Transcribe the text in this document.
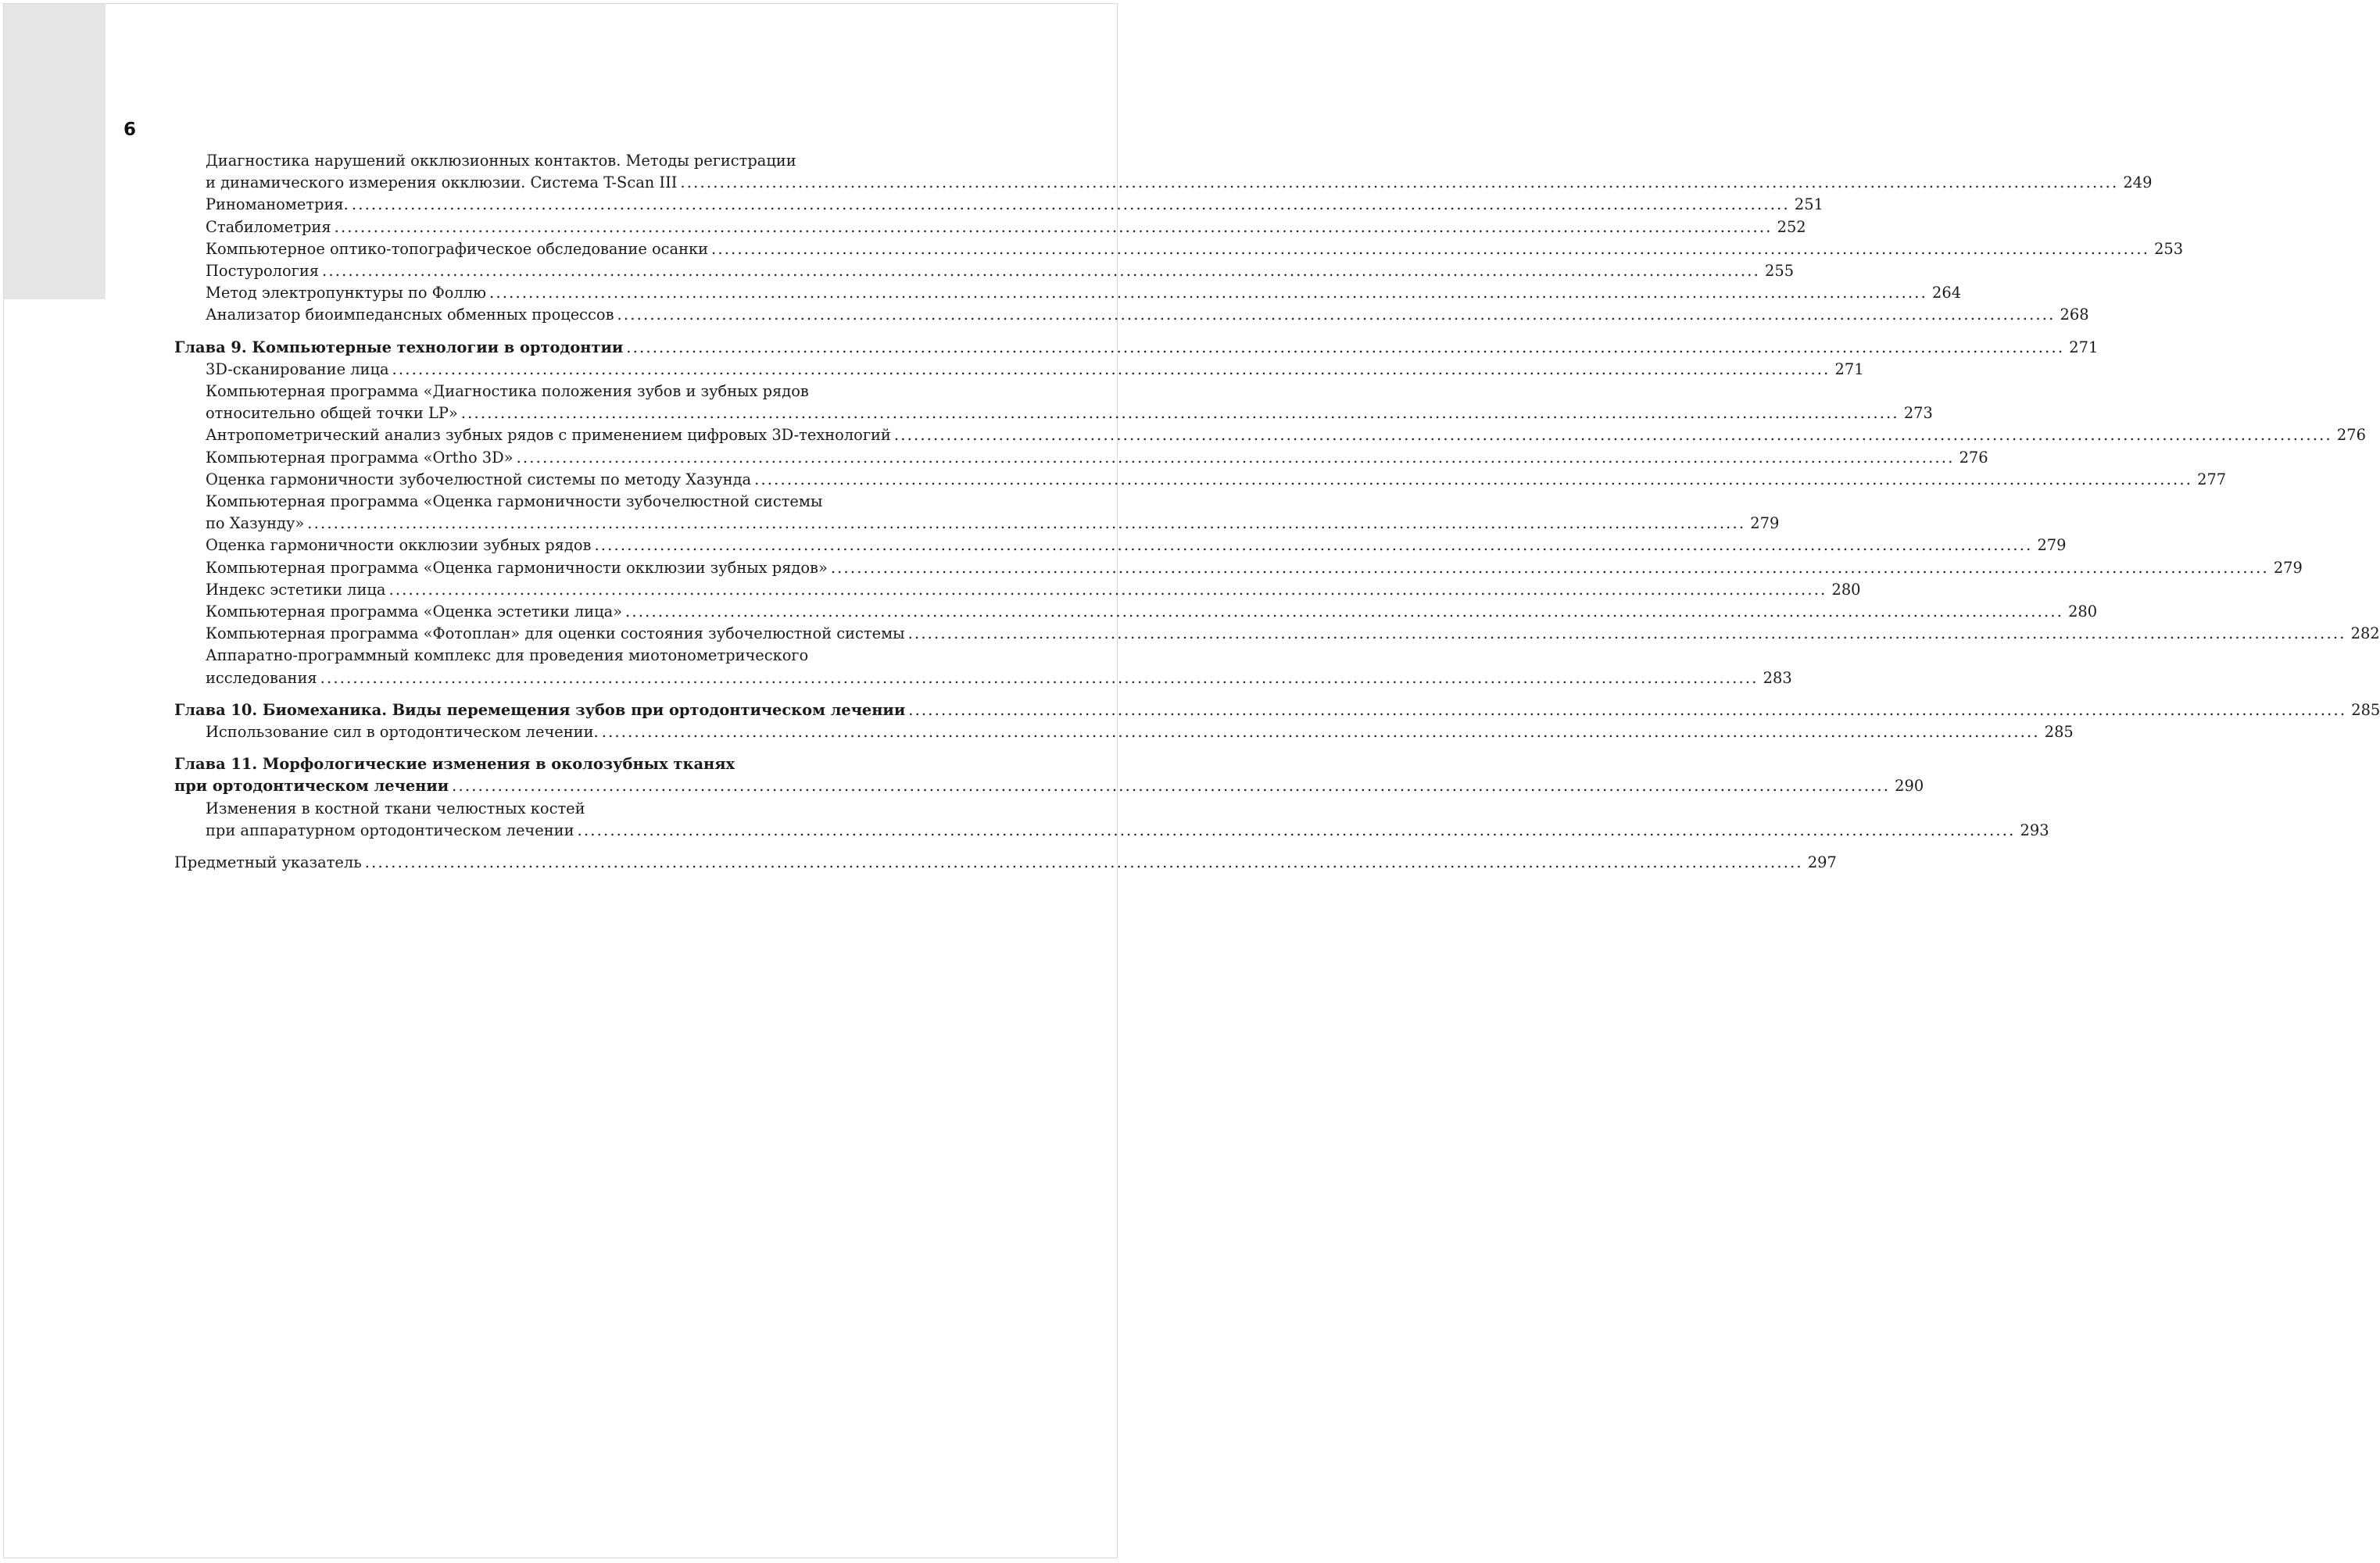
6
Диагностика нарушений окклюзионных контактов. Методы регистрации
и динамического измерения окклюзии. Система T-Scan III ............................................................................................................................................................................................................................ 249
Риноманометрия. ............................................................................................................................................................................................................................ 251
Стабилометрия ............................................................................................................................................................................................................................ 252
Компьютерное оптико-топографическое обследование осанки ............................................................................................................................................................................................................................ 253
Постурология ............................................................................................................................................................................................................................ 255
Метод электропунктуры по Фоллю ............................................................................................................................................................................................................................ 264
Анализатор биоимпедансных обменных процессов ............................................................................................................................................................................................................................ 268
Глава 9. Компьютерные технологии в ортодонтии ............................................................................................................................................................................................................................ 271
3D-сканирование лица ............................................................................................................................................................................................................................ 271
Компьютерная программа «Диагностика положения зубов и зубных рядов
относительно общей точки LP» ............................................................................................................................................................................................................................ 273
Антропометрический анализ зубных рядов с применением цифровых 3D-технологий ............................................................................................................................................................................................................................ 276
Компьютерная программа «Ortho 3D» ............................................................................................................................................................................................................................ 276
Оценка гармоничности зубочелюстной системы по методу Хазунда ............................................................................................................................................................................................................................ 277
Компьютерная программа «Оценка гармоничности зубочелюстной системы
по Хазунду» ............................................................................................................................................................................................................................ 279
Оценка гармоничности окклюзии зубных рядов ............................................................................................................................................................................................................................ 279
Компьютерная программа «Оценка гармоничности окклюзии зубных рядов» ............................................................................................................................................................................................................................ 279
Индекс эстетики лица ............................................................................................................................................................................................................................ 280
Компьютерная программа «Оценка эстетики лица» ............................................................................................................................................................................................................................ 280
Компьютерная программа «Фотоплан» для оценки состояния зубочелюстной системы ............................................................................................................................................................................................................................ 282
Аппаратно-программный комплекс для проведения миотонометрического
исследования ............................................................................................................................................................................................................................ 283
Глава 10. Биомеханика. Виды перемещения зубов при ортодонтическом лечении ............................................................................................................................................................................................................................ 285
Использование сил в ортодонтическом лечении. ............................................................................................................................................................................................................................ 285
Глава 11. Морфологические изменения в околозубных тканях
при ортодонтическом лечении ............................................................................................................................................................................................................................ 290
Изменения в костной ткани челюстных костей
при аппаратурном ортодонтическом лечении ............................................................................................................................................................................................................................ 293
Предметный указатель ............................................................................................................................................................................................................................ 297
